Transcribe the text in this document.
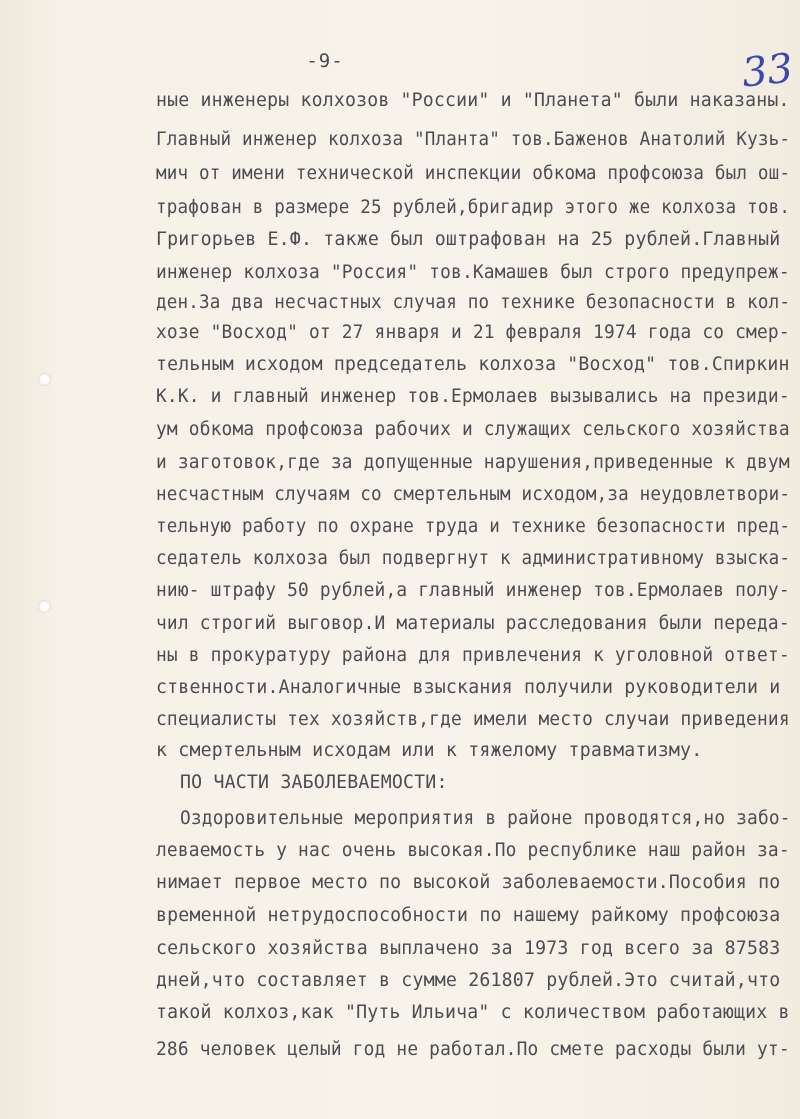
-9-	33
ные инженеры колхозов "России" и "Планета" были наказаны.
Главный инженер колхоза "Планта" тов.Баженов Анатолий Кузь-
мич от имени технической инспекции обкома профсоюза был ош-
трафован в размере 25 рублей,бригадир этого же колхоза тов.
Григорьев Е.Ф. также был оштрафован на 25 рублей.Главный
инженер колхоза "Россия" тов.Камашев был строго предупреж-
ден.За два несчастных случая по технике безопасности в кол-
хозе "Восход" от 27 января и 21 февраля 1974 года со смер-
тельным исходом председатель колхоза "Восход" тов.Спиркин
К.К. и главный инженер тов.Ермолаев вызывались на президи-
ум обкома профсоюза рабочих и служащих сельского хозяйства
и заготовок,где за допущенные нарушения,приведенные к двум
несчастным случаям со смертельным исходом,за неудовлетвори-
тельную работу по охране труда и технике безопасности пред-
седатель колхоза был подвергнут к административному взыска-
нию- штрафу 50 рублей,а главный инженер тов.Ермолаев полу-
чил строгий выговор.И материалы расследования были переда-
ны в прокуратуру района для привлечения к уголовной ответ-
ственности.Аналогичные взыскания получили руководители и
специалисты тех хозяйств,где имели место случаи приведения
к смертельным исходам или к тяжелому травматизму.
ПО ЧАСТИ ЗАБОЛЕВАЕМОСТИ:
Оздоровительные мероприятия в районе проводятся,но забо-
леваемость у нас очень высокая.По республике наш район за-
нимает первое место по высокой заболеваемости.Пособия по
временной нетрудоспособности по нашему райкому профсоюза
сельского хозяйства выплачено за 1973 год всего за 87583
дней,что составляет в сумме 261807 рублей.Это считай,что
такой колхоз,как "Путь Ильича" с количеством работающих в
286 человек целый год не работал.По смете расходы были ут-
